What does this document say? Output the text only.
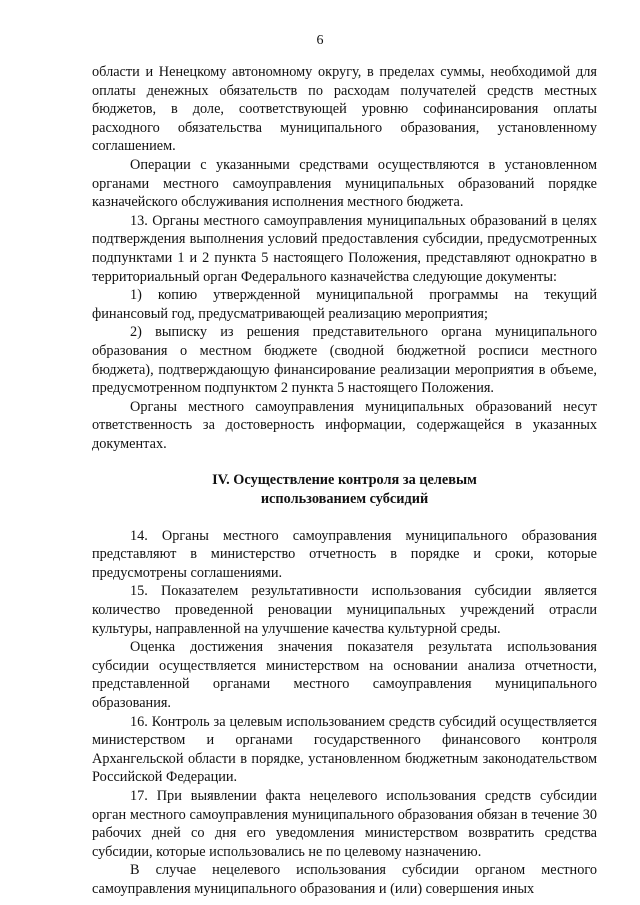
6

области и Ненецкому автономному округу, в пределах суммы, необходимой для оплаты денежных обязательств по расходам получателей средств местных бюджетов, в доле, соответствующей уровню софинансирования оплаты расходного обязательства муниципального образования, установленному соглашением.

Операции с указанными средствами осуществляются в установленном органами местного самоуправления муниципальных образований порядке казначейского обслуживания исполнения местного бюджета.

13. Органы местного самоуправления муниципальных образований в целях подтверждения выполнения условий предоставления субсидии, предусмотренных подпунктами 1 и 2 пункта 5 настоящего Положения, представляют однократно в территориальный орган Федерального казначейства следующие документы:

1) копию утвержденной муниципальной программы на текущий финансовый год, предусматривающей реализацию мероприятия;

2) выписку из решения представительного органа муниципального образования о местном бюджете (сводной бюджетной росписи местного бюджета), подтверждающую финансирование реализации мероприятия в объеме, предусмотренном подпунктом 2 пункта 5 настоящего Положения.

Органы местного самоуправления муниципальных образований несут ответственность за достоверность информации, содержащейся в указанных документах.

IV. Осуществление контроля за целевым
использованием субсидий

14. Органы местного самоуправления муниципального образования представляют в министерство отчетность в порядке и сроки, которые предусмотрены соглашениями.

15. Показателем результативности использования субсидии является количество проведенной реновации муниципальных учреждений отрасли культуры, направленной на улучшение качества культурной среды.

Оценка достижения значения показателя результата использования субсидии осуществляется министерством на основании анализа отчетности, представленной органами местного самоуправления муниципального образования.

16. Контроль за целевым использованием средств субсидий осуществляется министерством и органами государственного финансового контроля Архангельской области в порядке, установленном бюджетным законодательством Российской Федерации.

17. При выявлении факта нецелевого использования средств субсидии орган местного самоуправления муниципального образования обязан в течение 30 рабочих дней со дня его уведомления министерством возвратить средства субсидии, которые использовались не по целевому назначению.

В случае нецелевого использования субсидии органом местного самоуправления муниципального образования и (или) совершения иных
